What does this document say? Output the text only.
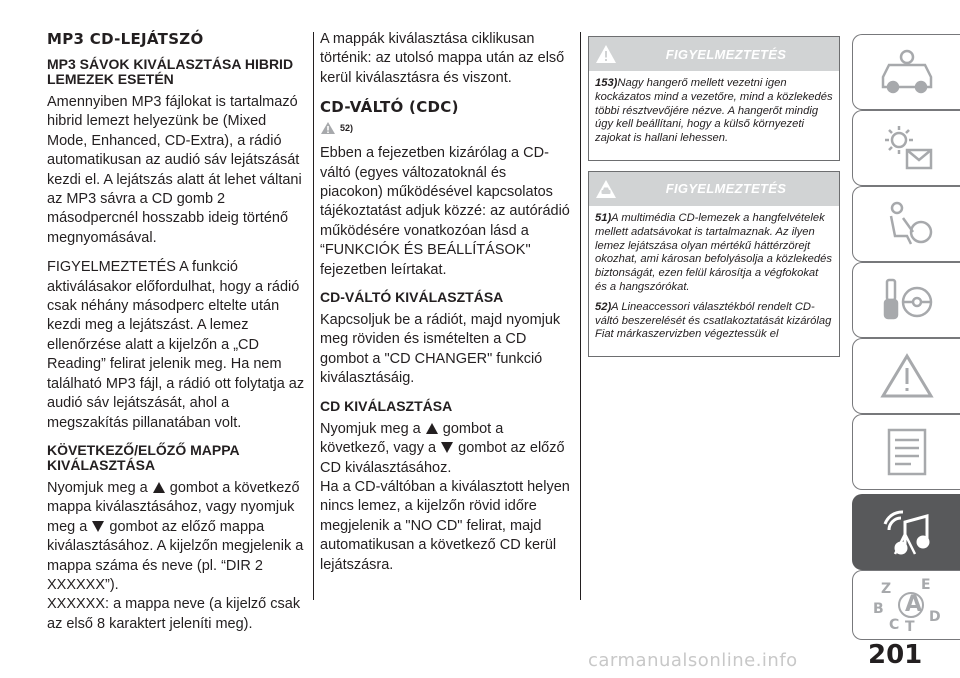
MP3 CD-LEJÁTSZÓ
MP3 SÁVOK KIVÁLASZTÁSA HIBRID LEMEZEK ESETÉN

Amennyiben MP3 fájlokat is tartalmazó hibrid lemezt helyezünk be (Mixed Mode, Enhanced, CD-Extra), a rádió automatikusan az audió sáv lejátszását kezdi el. A lejátszás alatt át lehet váltani az MP3 sávra a CD gomb 2 másodpercnél hosszabb ideig történő megnyomásával.

FIGYELMEZTETÉS A funkció aktiválásakor előfordulhat, hogy a rádió csak néhány másodperc eltelte után kezdi meg a lejátszást. A lemez ellenőrzése alatt a kijelzőn a „CD Reading” felirat jelenik meg. Ha nem található MP3 fájl, a rádió ott folytatja az audió sáv lejátszását, ahol a megszakítás pillanatában volt.

KÖVETKEZŐ/ELŐZŐ MAPPA KIVÁLASZTÁSA

Nyomjuk meg a gombot a következő mappa kiválasztásához, vagy nyomjuk meg a gombot az előző mappa kiválasztásához. A kijelzőn megjelenik a mappa száma és neve (pl. “DIR 2 XXXXXX”).

XXXXXX: a mappa neve (a kijelző csak az első 8 karaktert jeleníti meg).

A mappák kiválasztása ciklikusan történik: az utolsó mappa után az első kerül kiválasztásra és viszont.

CD-VÁLTÓ (CDC)
52)

Ebben a fejezetben kizárólag a CD-váltó (egyes változatoknál és piacokon) működésével kapcsolatos tájékoztatást adjuk közzé: az autórádió működésére vonatkozóan lásd a “FUNKCIÓK ÉS BEÁLLÍTÁSOK" fejezetben leírtakat.

CD-VÁLTÓ KIVÁLASZTÁSA

Kapcsoljuk be a rádiót, majd nyomjuk meg röviden és ismételten a CD gombot a "CD CHANGER" funkció kiválasztásáig.

CD KIVÁLASZTÁSA

Nyomjuk meg a gombot a következő, vagy a gombot az előző CD kiválasztásához.

Ha a CD-váltóban a kiválasztott helyen nincs lemez, a kijelzőn rövid időre megjelenik a "NO CD" felirat, majd automatikusan a következő CD kerül lejátszásra.

FIGYELMEZTETÉS

153)Nagy hangerő mellett vezetni igen kockázatos mind a vezetőre, mind a közlekedés többi résztvevőjére nézve. A hangerőt mindig úgy kell beállítani, hogy a külső környezeti zajokat is hallani lehessen.

FIGYELMEZTETÉS

51)A multimédia CD-lemezek a hangfelvételek mellett adatsávokat is tartalmaznak. Az ilyen lemez lejátszása olyan mértékű háttérzörejt okozhat, ami károsan befolyásolja a közlekedés biztonságát, ezen felül károsítja a végfokokat és a hangszórókat.

52)A Lineaccessori választékból rendelt CD-váltó beszerelését és csatlakoztatását kizárólag Fiat márkaszervizben végeztessük el

Z E
B A
C T
D
carmanualsonline.info	201
